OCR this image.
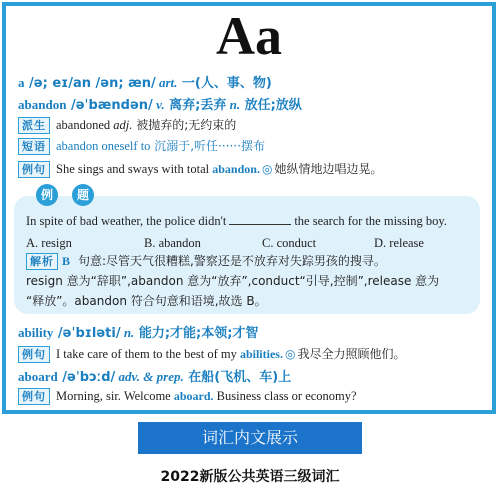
Aa
a /ə; eɪ/an /ən; æn/ art. 一(人、事、物)
abandon /əˈbændən/ v. 离弃;丢弃 n. 放任;放纵
派生 abandoned adj. 被抛弃的;无约束的
短语 abandon oneself to 沉溺于,听任······摆布
例句 She sings and sways with total abandon. ◎ 她纵情地边唱边晃。
例	题
In spite of bad weather, the police didn't	the search for the missing boy.
A. resign	B. abandon	C. conduct	D. release
解析 B 句意:尽管天气很糟糕,警察还是不放弃对失踪男孩的搜寻。
resign 意为“辞职”,abandon 意为“放弃”,conduct“引导,控制”,release 意为
“释放”。abandon 符合句意和语境,故选 B。
ability /əˈbɪləti/ n. 能力;才能;本领;才智
例句 I take care of them to the best of my abilities. ◎ 我尽全力照顾他们。
aboard /əˈbɔːd/ adv. & prep. 在船(飞机、车)上
例句 Morning, sir. Welcome aboard. Business class or economy?
词汇内文展示
2022新版公共英语三级词汇
